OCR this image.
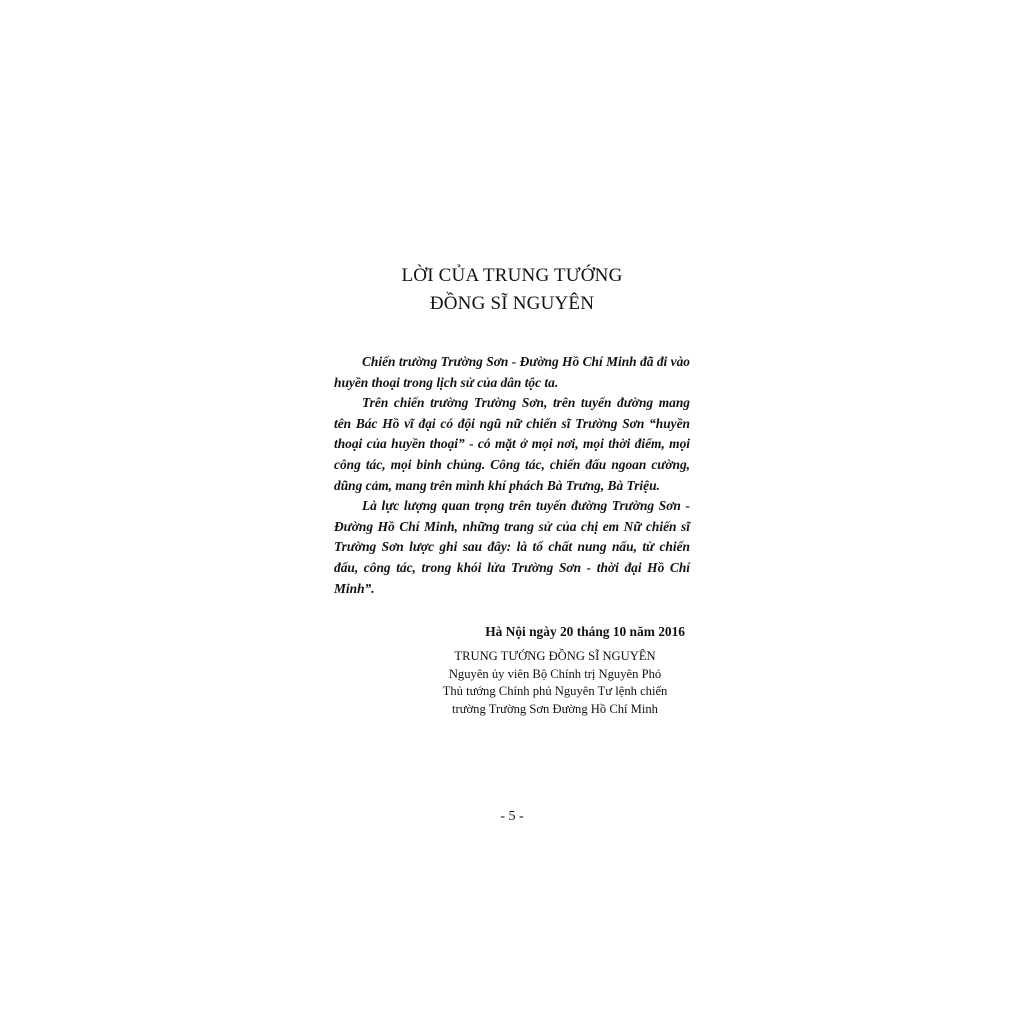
LỜI CỦA TRUNG TƯỚNG
ĐỒNG SĨ NGUYÊN

Chiến trường Trường Sơn - Đường Hồ Chí Minh đã đi vào huyền thoại trong lịch sử của dân tộc ta.

Trên chiến trường Trường Sơn, trên tuyến đường mang tên Bác Hồ vĩ đại có đội ngũ nữ chiến sĩ Trường Sơn “huyền thoại của huyền thoại” - có mặt ở mọi nơi, mọi thời điểm, mọi công tác, mọi binh chủng. Công tác, chiến đấu ngoan cường, dũng cảm, mang trên mình khí phách Bà Trưng, Bà Triệu.

Là lực lượng quan trọng trên tuyến đường Trường Sơn - Đường Hồ Chí Minh, những trang sử của chị em Nữ chiến sĩ Trường Sơn lược ghi sau đây: là tố chất nung nấu, từ chiến đấu, công tác, trong khói lửa Trường Sơn - thời đại Hồ Chí Minh”.

Hà Nội ngày 20 tháng 10 năm 2016
TRUNG TƯỚNG ĐỒNG SĨ NGUYÊN
Nguyên ủy viên Bộ Chính trị Nguyên Phó
Thủ tướng Chính phủ Nguyên Tư lệnh chiến
trường Trường Sơn Đường Hồ Chí Minh
- 5 -
